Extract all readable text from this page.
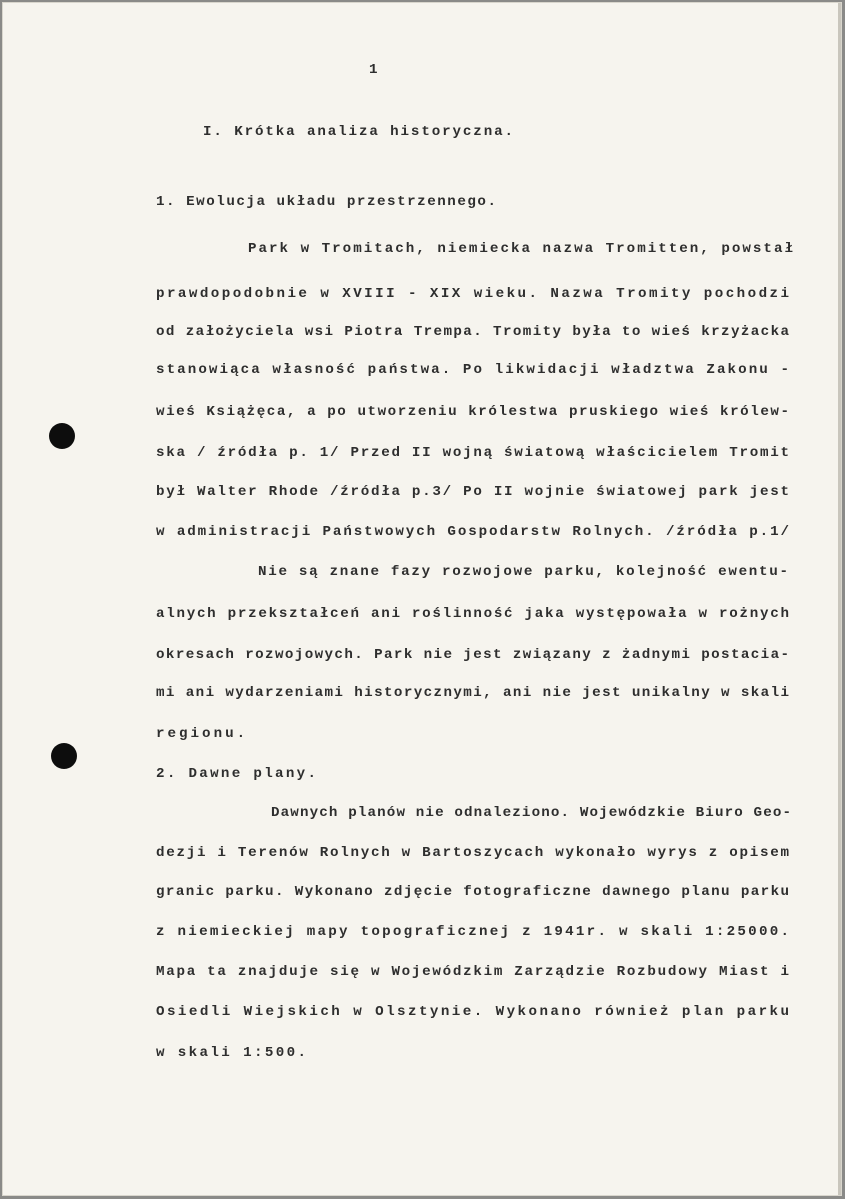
1

I. Krótka analiza historyczna.

1. Ewolucja układu przestrzennego.

Park w Tromitach, niemiecka nazwa Tromitten, powstał

prawdopodobnie w XVIII - XIX wieku. Nazwa Tromity pochodzi

od założyciela wsi Piotra Trempa. Tromity była to wieś krzyżacka

stanowiąca własność państwa. Po likwidacji władztwa Zakonu -

wieś Książęca, a po utworzeniu królestwa pruskiego wieś królew-

ska / źródła p. 1/ Przed II wojną światową właścicielem Tromit

był Walter Rhode /źródła p.3/ Po II wojnie światowej park jest

w administracji Państwowych Gospodarstw Rolnych. /źródła p.1/

Nie są znane fazy rozwojowe parku, kolejność ewentu-

alnych przekształceń ani roślinność jaka występowała w rożnych

okresach rozwojowych. Park nie jest związany z żadnymi postacia-

mi ani wydarzeniami historycznymi, ani nie jest unikalny w skali

regionu.

2. Dawne plany.

Dawnych planów nie odnaleziono. Wojewódzkie Biuro Geo-

dezji i Terenów Rolnych w Bartoszycach wykonało wyrys z opisem

granic parku. Wykonano zdjęcie fotograficzne dawnego planu parku

z niemieckiej mapy topograficznej z 1941r. w skali 1:25000.

Mapa ta znajduje się w Wojewódzkim Zarządzie Rozbudowy Miast i

Osiedli Wiejskich w Olsztynie. Wykonano również plan parku

w skali 1:500.
